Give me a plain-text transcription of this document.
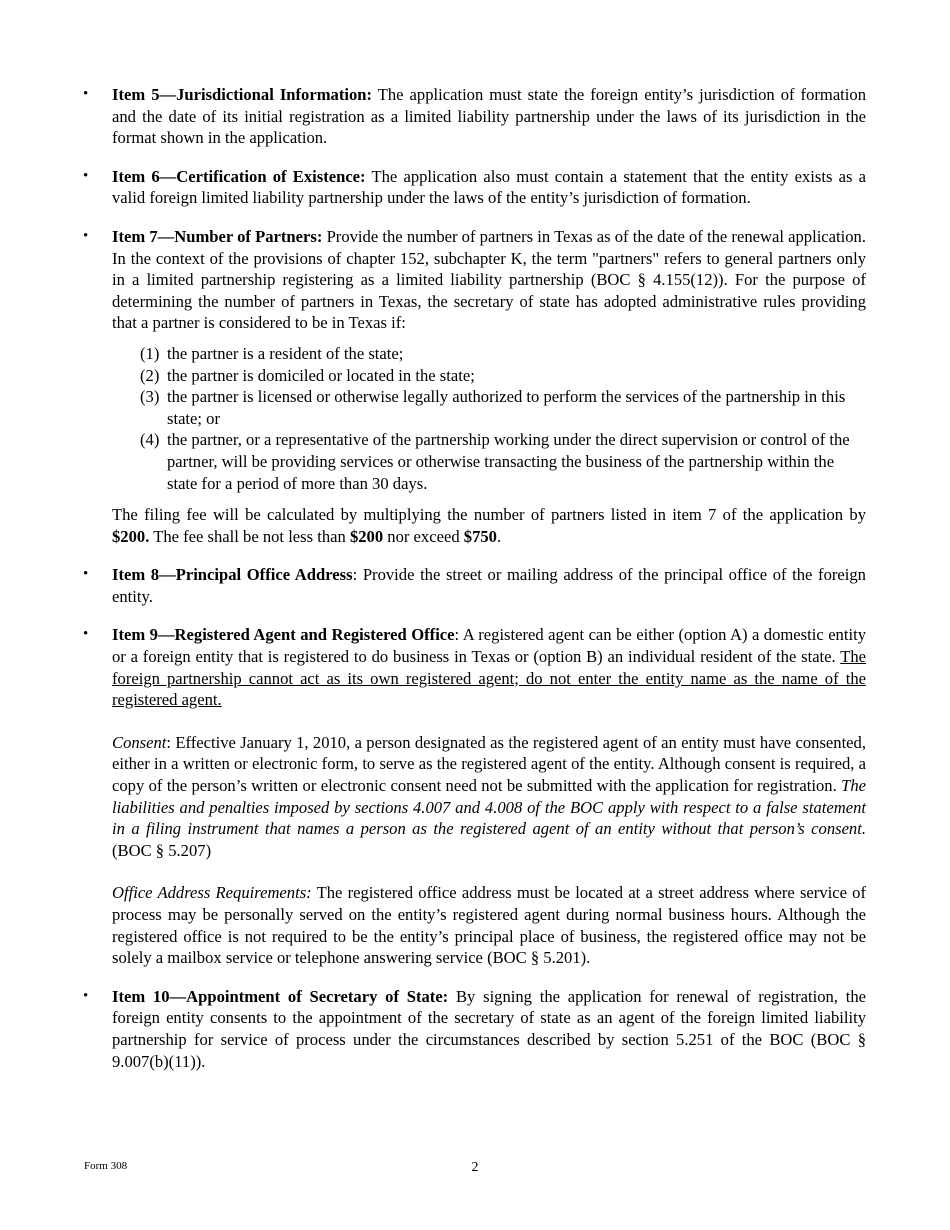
• Item 5—Jurisdictional Information: The application must state the foreign entity’s jurisdiction of formation and the date of its initial registration as a limited liability partnership under the laws of its jurisdiction in the format shown in the application.

• Item 6—Certification of Existence: The application also must contain a statement that the entity exists as a valid foreign limited liability partnership under the laws of the entity’s jurisdiction of formation.

• Item 7—Number of Partners: Provide the number of partners in Texas as of the date of the renewal application. In the context of the provisions of chapter 152, subchapter K, the term "partners" refers to general partners only in a limited partnership registering as a limited liability partnership (BOC § 4.155(12)). For the purpose of determining the number of partners in Texas, the secretary of state has adopted administrative rules providing that a partner is considered to be in Texas if:

(1) the partner is a resident of the state;
(2) the partner is domiciled or located in the state;
(3) the partner is licensed or otherwise legally authorized to perform the services of the partnership in this state; or
(4) the partner, or a representative of the partnership working under the direct supervision or control of the partner, will be providing services or otherwise transacting the business of the partnership within the state for a period of more than 30 days.

The filing fee will be calculated by multiplying the number of partners listed in item 7 of the application by $200. The fee shall be not less than $200 nor exceed $750.

• Item 8—Principal Office Address: Provide the street or mailing address of the principal office of the foreign entity.

• Item 9—Registered Agent and Registered Office: A registered agent can be either (option A) a domestic entity or a foreign entity that is registered to do business in Texas or (option B) an individual resident of the state. The foreign partnership cannot act as its own registered agent; do not enter the entity name as the name of the registered agent.

Consent: Effective January 1, 2010, a person designated as the registered agent of an entity must have consented, either in a written or electronic form, to serve as the registered agent of the entity. Although consent is required, a copy of the person’s written or electronic consent need not be submitted with the application for registration. The liabilities and penalties imposed by sections 4.007 and 4.008 of the BOC apply with respect to a false statement in a filing instrument that names a person as the registered agent of an entity without that person’s consent. (BOC § 5.207)

Office Address Requirements: The registered office address must be located at a street address where service of process may be personally served on the entity’s registered agent during normal business hours. Although the registered office is not required to be the entity’s principal place of business, the registered office may not be solely a mailbox service or telephone answering service (BOC § 5.201).

• Item 10—Appointment of Secretary of State: By signing the application for renewal of registration, the foreign entity consents to the appointment of the secretary of state as an agent of the foreign limited liability partnership for service of process under the circumstances described by section 5.251 of the BOC (BOC § 9.007(b)(11)).

Form 308	2
